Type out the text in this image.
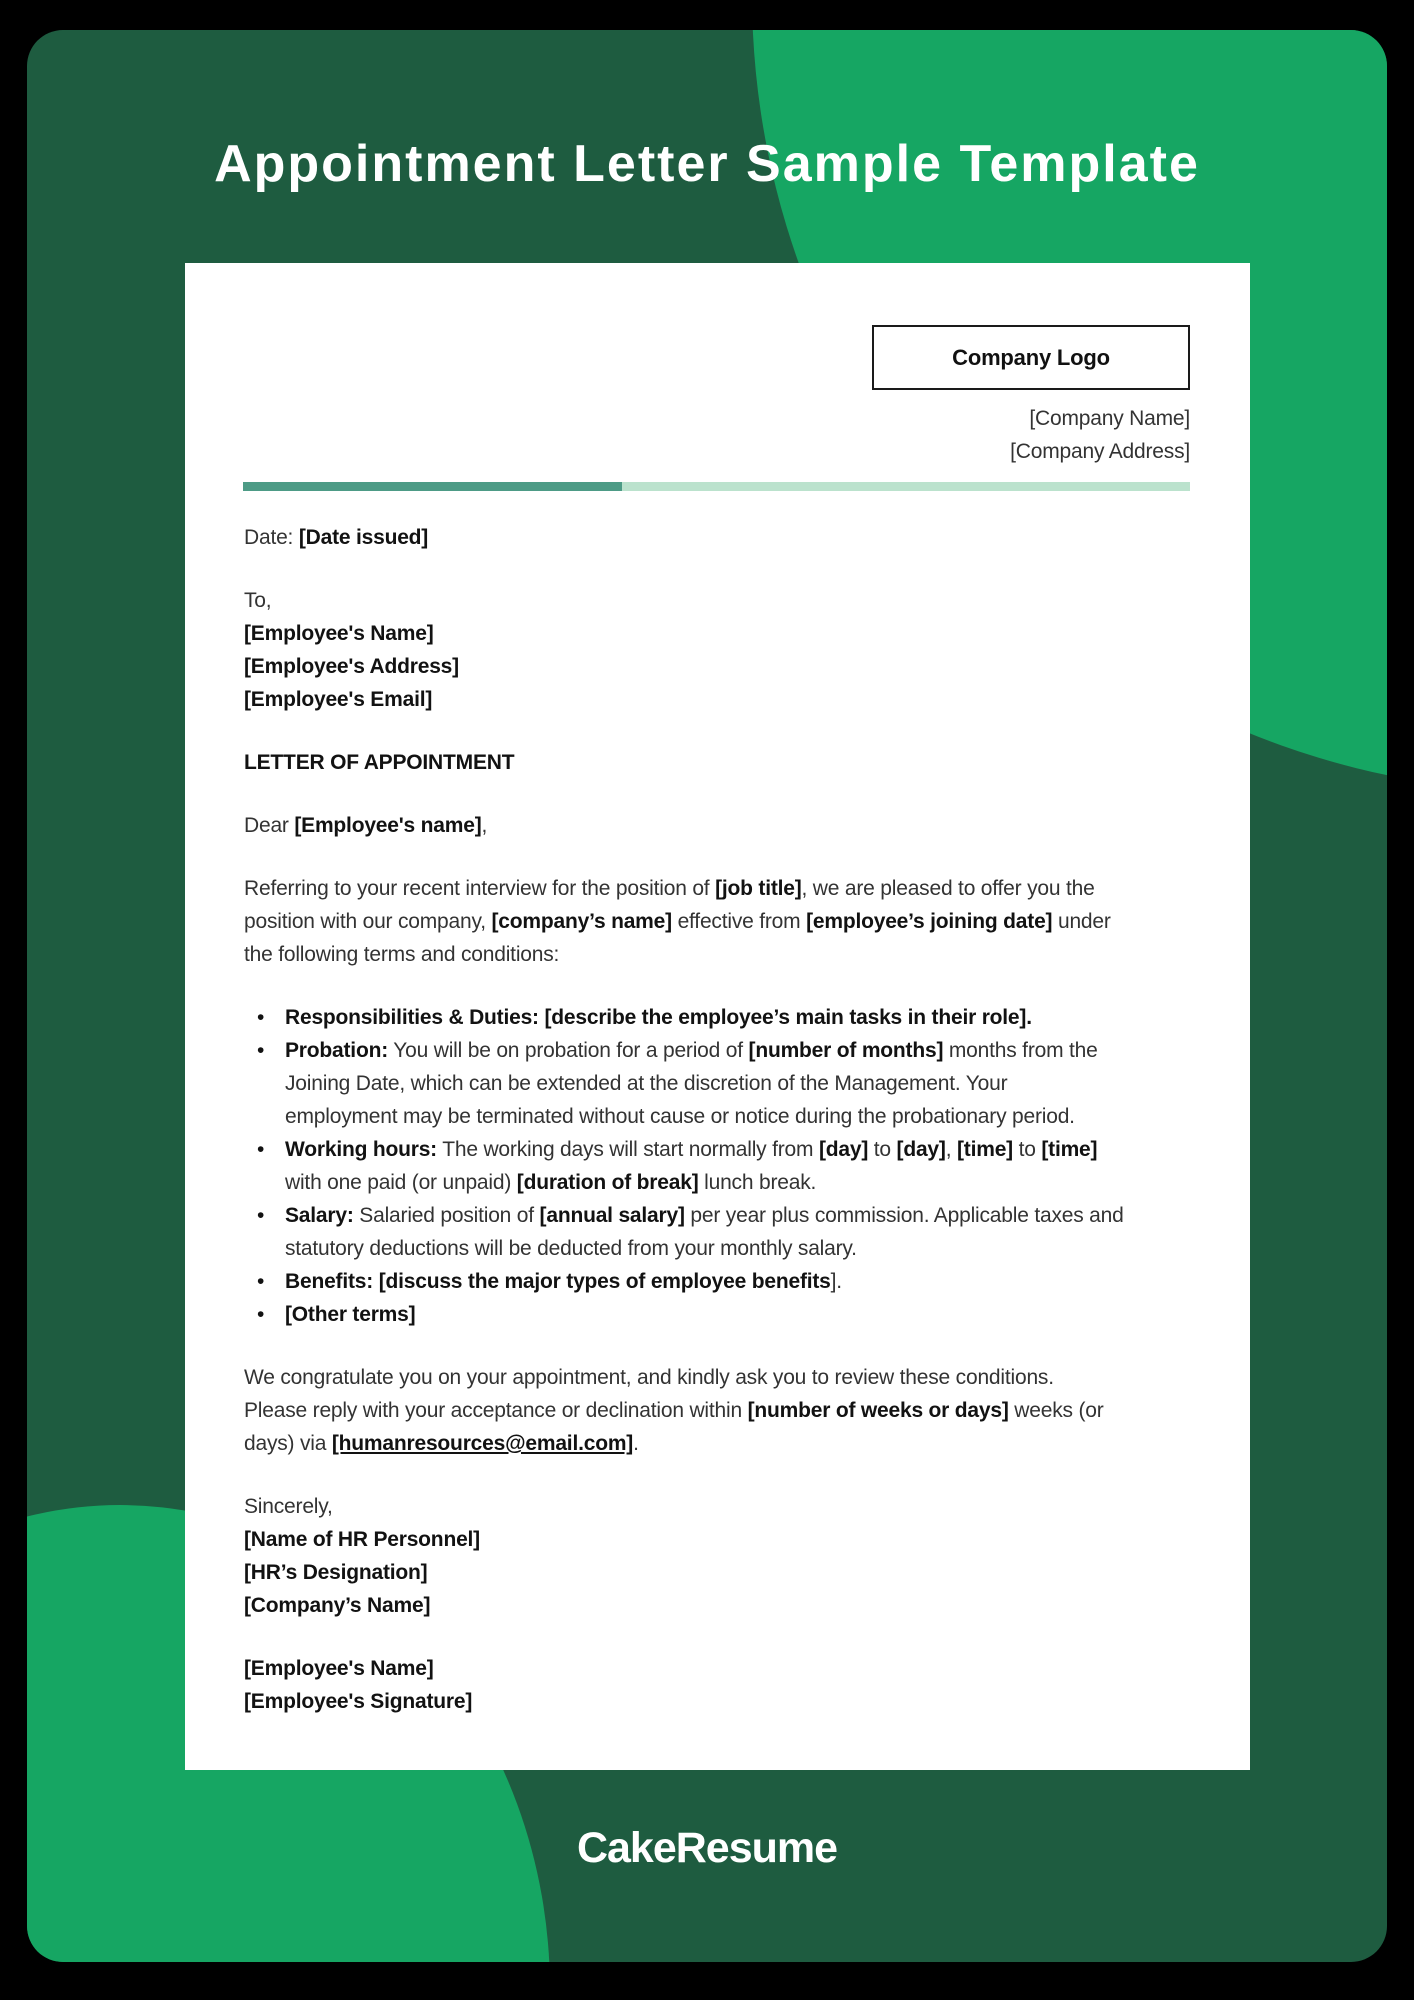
Appointment Letter Sample Template
Company Logo
[Company Name]
[Company Address]

Date: [Date issued]

To,
[Employee's Name]
[Employee's Address]
[Employee's Email]

LETTER OF APPOINTMENT

Dear [Employee's name],

Referring to your recent interview for the position of [job title], we are pleased to offer you the
position with our company, [company’s name] effective from [employee’s joining date] under
the following terms and conditions:
• Responsibilities & Duties: [describe the employee’s main tasks in their role].
• Probation: You will be on probation for a period of [number of months] months from the
Joining Date, which can be extended at the discretion of the Management. Your
employment may be terminated without cause or notice during the probationary period.
• Working hours: The working days will start normally from [day] to [day], [time] to [time]
with one paid (or unpaid) [duration of break] lunch break.
• Salary: Salaried position of [annual salary] per year plus commission. Applicable taxes and
statutory deductions will be deducted from your monthly salary.
• Benefits: [discuss the major types of employee benefits].
• [Other terms]
We congratulate you on your appointment, and kindly ask you to review these conditions.
Please reply with your acceptance or declination within [number of weeks or days] weeks (or
days) via [humanresources@email.com].
Sincerely,
[Name of HR Personnel]
[HR’s Designation]
[Company’s Name]
[Employee's Name]
[Employee's Signature]
CakeResume
